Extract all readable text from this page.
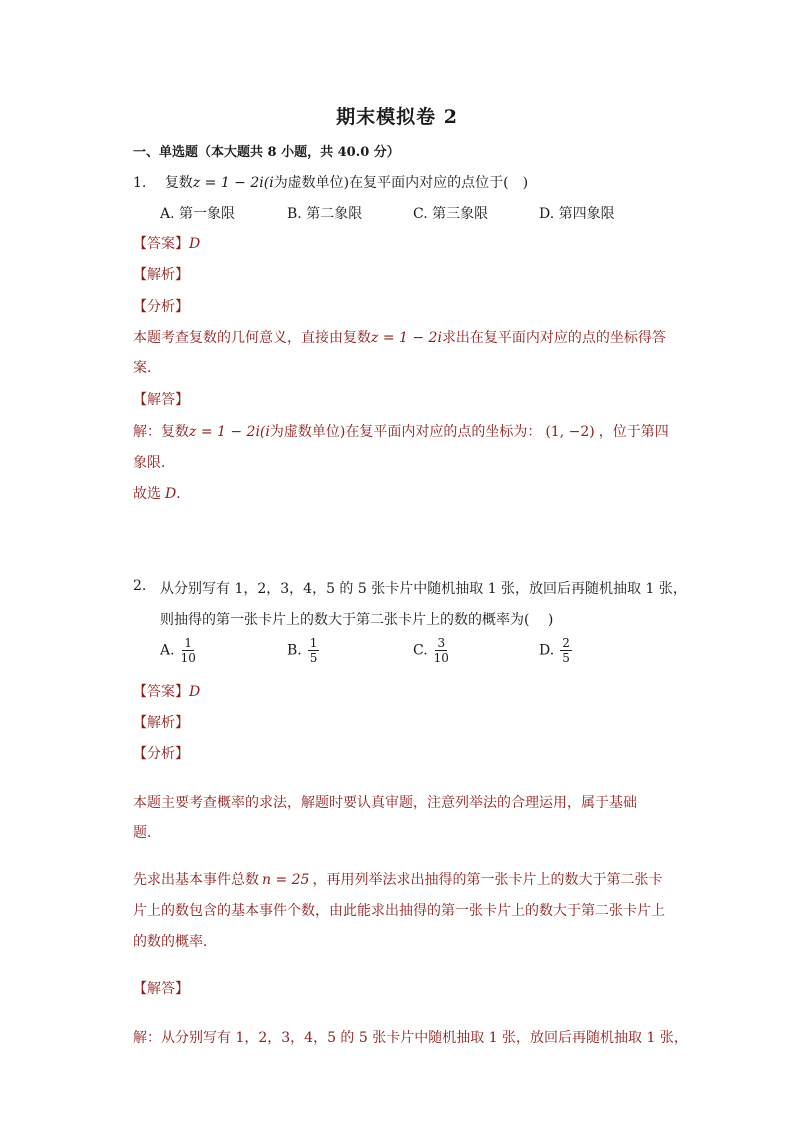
期末模拟卷 2
一、单选题（本大题共 8 小题，共 40.0 分）
1. 复数z = 1 − 2i(i为虚数单位)在复平面内对应的点位于(　)
A. 第一象限	B. 第二象限	C. 第三象限	D. 第四象限
【答案】D
【解析】
【分析】
本题考查复数的几何意义，直接由复数z = 1 − 2i求出在复平面内对应的点的坐标得答
案．
【解答】
解：复数z = 1 − 2i(i为虚数单位)在复平面内对应的点的坐标为： (1, −2) ，位于第四
象限．
故选 D．
2. 从分别写有 1，2，3，4，5 的 5 张卡片中随机抽取 1 张，放回后再随机抽取 1 张，
则抽得的第一张卡片上的数大于第二张卡片上的数的概率为(　 )
A. $\frac{1}{10}$	B. $\frac{1}{5}$	C. $\frac{3}{10}$	D. $\frac{2}{5}$
【答案】D
【解析】
【分析】
本题主要考查概率的求法，解题时要认真审题，注意列举法的合理运用，属于基础
题．
先求出基本事件总数 n = 25 ，再用列举法求出抽得的第一张卡片上的数大于第二张卡
片上的数包含的基本事件个数，由此能求出抽得的第一张卡片上的数大于第二张卡片上
的数的概率．
【解答】
解：从分别写有 1，2，3，4，5 的 5 张卡片中随机抽取 1 张，放回后再随机抽取 1 张，
